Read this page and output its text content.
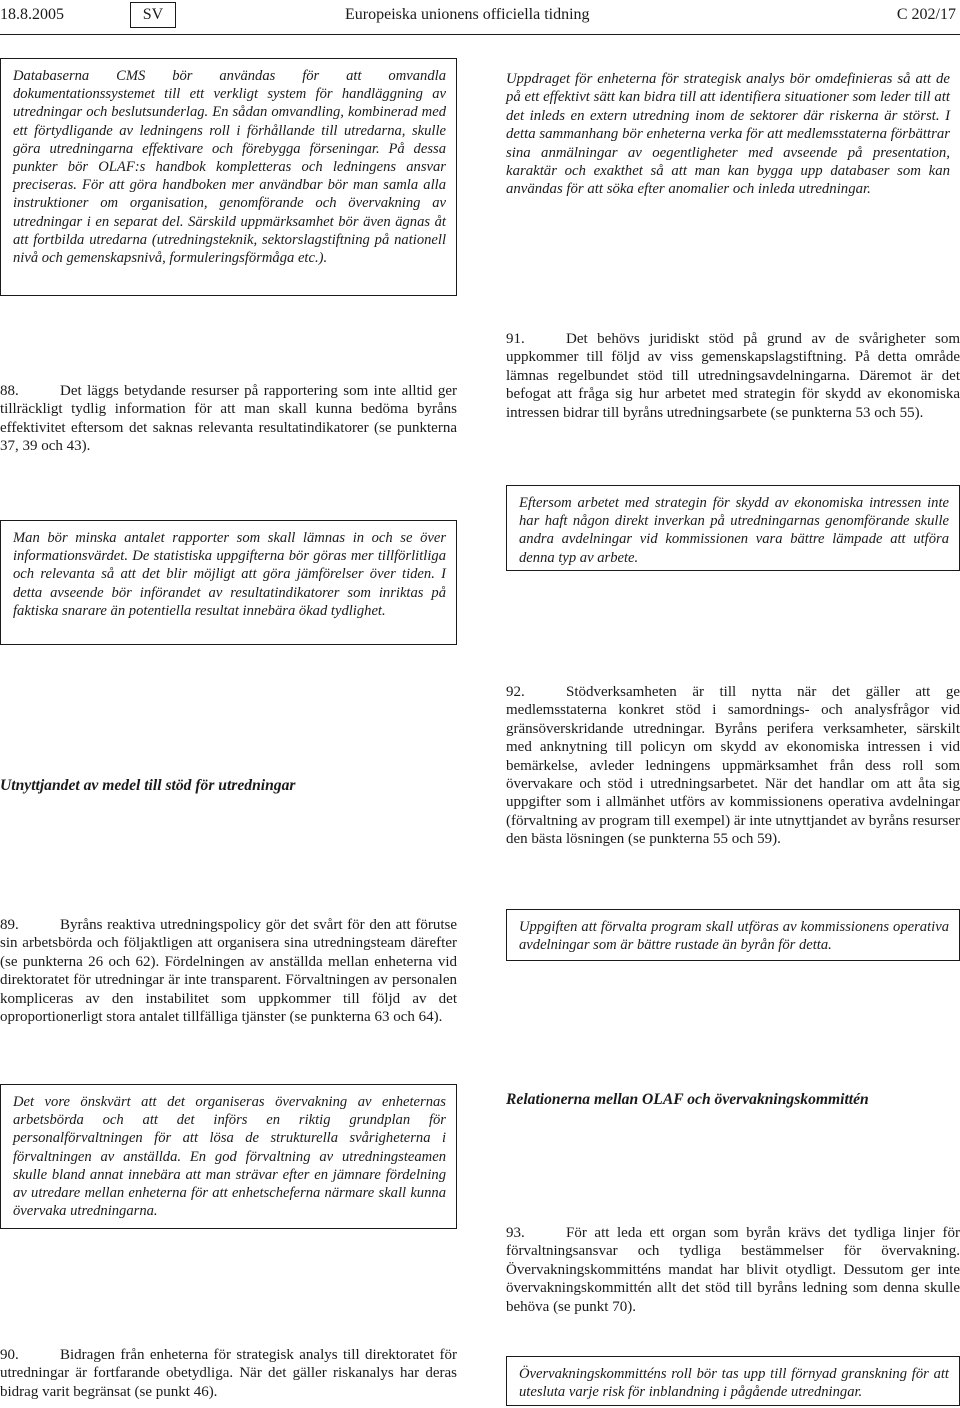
18.8.2005	SV	Europeiska unionens officiella tidning	C 202/17
Databaserna CMS bör användas för att omvandla dokumentationssystemet till ett verkligt system för handläggning av utredningar och beslutsunderlag. En sådan omvandling, kombinerad med ett förtydligande av ledningens roll i förhållande till utredarna, skulle göra utredningarna effektivare och förebygga förseningar. På dessa punkter bör OLAF:s handbok kompletteras och ledningens ansvar preciseras. För att göra handboken mer användbar bör man samla alla instruktioner om organisation, genomförande och övervakning av utredningar i en separat del. Särskild uppmärksamhet bör även ägnas åt att fortbilda utredarna (utredningsteknik, sektorslagstiftning på nationell nivå och gemenskapsnivå, formuleringsförmåga etc.).
88.	Det läggs betydande resurser på rapportering som inte alltid ger tillräckligt tydlig information för att man skall kunna bedöma byråns effektivitet eftersom det saknas relevanta resultatindikatorer (se punkterna 37, 39 och 43).
Man bör minska antalet rapporter som skall lämnas in och se över informationsvärdet. De statistiska uppgifterna bör göras mer tillförlitliga och relevanta så att det blir möjligt att göra jämförelser över tiden. I detta avseende bör införandet av resultatindikatorer som inriktas på faktiska snarare än potentiella resultat innebära ökad tydlighet.
Utnyttjandet av medel till stöd för utredningar
89.	Byråns reaktiva utredningspolicy gör det svårt för den att förutse sin arbetsbörda och följaktligen att organisera sina utredningsteam därefter (se punkterna 26 och 62). Fördelningen av anställda mellan enheterna vid direktoratet för utredningar är inte transparent. Förvaltningen av personalen kompliceras av den instabilitet som uppkommer till följd av det oproportionerligt stora antalet tillfälliga tjänster (se punkterna 63 och 64).
Det vore önskvärt att det organiseras övervakning av enheternas arbetsbörda och att det införs en riktig grundplan för personalförvaltningen för att lösa de strukturella svårigheterna i förvaltningen av anställda. En god förvaltning av utredningsteamen skulle bland annat innebära att man strävar efter en jämnare fördelning av utredare mellan enheterna för att enhetscheferna närmare skall kunna övervaka utredningarna.
90.	Bidragen från enheterna för strategisk analys till direktoratet för utredningar är fortfarande obetydliga. När det gäller riskanalys har deras bidrag varit begränsat (se punkt 46).
Uppdraget för enheterna för strategisk analys bör omdefinieras så att de på ett effektivt sätt kan bidra till att identifiera situationer som leder till att det inleds en extern utredning inom de sektorer där riskerna är störst. I detta sammanhang bör enheterna verka för att medlemsstaterna förbättrar sina anmälningar av oegentligheter med avseende på presentation, karaktär och exakthet så att man kan bygga upp databaser som kan användas för att söka efter anomalier och inleda utredningar.
91.	Det behövs juridiskt stöd på grund av de svårigheter som uppkommer till följd av viss gemenskapslagstiftning. På detta område lämnas regelbundet stöd till utredningsavdelningarna. Däremot är det befogat att fråga sig hur arbetet med strategin för skydd av ekonomiska intressen bidrar till byråns utredningsarbete (se punkterna 53 och 55).
Eftersom arbetet med strategin för skydd av ekonomiska intressen inte har haft någon direkt inverkan på utredningarnas genomförande skulle andra avdelningar vid kommissionen vara bättre lämpade att utföra denna typ av arbete.
92.	Stödverksamheten är till nytta när det gäller att ge medlemsstaterna konkret stöd i samordnings- och analysfrågor vid gränsöverskridande utredningar. Byråns perifera verksamheter, särskilt med anknytning till policyn om skydd av ekonomiska intressen i vid bemärkelse, avleder ledningens uppmärksamhet från dess roll som övervakare och stöd i utredningsarbetet. När det handlar om att åta sig uppgifter som i allmänhet utförs av kommissionens operativa avdelningar (förvaltning av program till exempel) är inte utnyttjandet av byråns resurser den bästa lösningen (se punkterna 55 och 59).
Uppgiften att förvalta program skall utföras av kommissionens operativa avdelningar som är bättre rustade än byrån för detta.
Relationerna mellan OLAF och övervakningskommittén
93.	För att leda ett organ som byrån krävs det tydliga linjer för förvaltningsansvar och tydliga bestämmelser för övervakning. Övervakningskommitténs mandat har blivit otydligt. Dessutom ger inte övervakningskommittén allt det stöd till byråns ledning som denna skulle behöva (se punkt 70).
Övervakningskommitténs roll bör tas upp till förnyad granskning för att utesluta varje risk för inblandning i pågående utredningar.
